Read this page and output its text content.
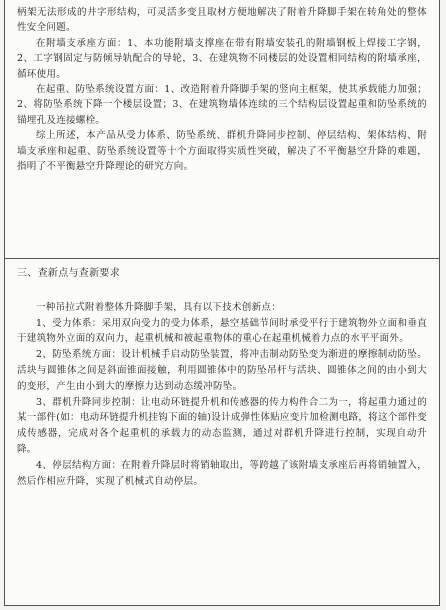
柄架无法形成的井字形结构，可灵活多变且取材方便地解决了附着升降脚手架在转角处的整体性安全问题。

在附墙支承座方面：1、本功能附墙支撑座在带有附墙安装孔的附墙钢板上焊接工字钢，2、工字钢固定与防倾导轨配合的导轮，3、在建筑物不同楼层的处设置相同结构的附墙承座，循环使用。

在起重、防坠系统设置方面：1、改造附着升降脚手架的竖向主框架，使其承载能力加强；2、将防坠系统下降一个楼层设置；3、在建筑物墙体连续的三个结构层设置起重和防坠系统的锚埋孔及连接螺栓。

综上所述，本产品从受力体系、防坠系统、群机升降同步控制、停层结构、架体结构、附墙支承座和起重、防坠系统设置等十个方面取得实质性突破，解决了不平衡悬空升降的难题，指明了不平衡悬空升降理论的研究方向。

三、查新点与查新要求

一种吊拉式附着整体升降脚手架，具有以下技术创新点：

1、受力体系：采用双向受力的受力体系，悬空基础节间时承受平行于建筑物外立面和垂直于建筑物外立面的双向力，起重机械和被起重物体的重心在起重机械着力点的水平平面外。

2、防坠系统方面：设计机械手启动防坠装置，将冲击制动防坠变为渐进的摩擦制动防坠。活块与圆锥体之间是斜面锥面接触，利用圆锥体中的防坠吊杆与活块、圆锥体之间的由小到大的变形，产生由小到大的摩擦力达到动态缓冲防坠。

3、群机升降同步控制：让电动环链提升机和传感器的传力构件合二为一，将起重力通过的某一部件(如：电动环链提升机挂钩下面的轴)设计成弹性体贴应变片加检测电路，将这个部件变成传感器，完成对各个起重机的承载力的动态监测，通过对群机升降进行控制，实现自动升降。

4、停层结构方面：在附着升降层时将销轴取出，等跨越了该附墙支承座后再将销轴置入，然后作相应升降，实现了机械式自动停层。
